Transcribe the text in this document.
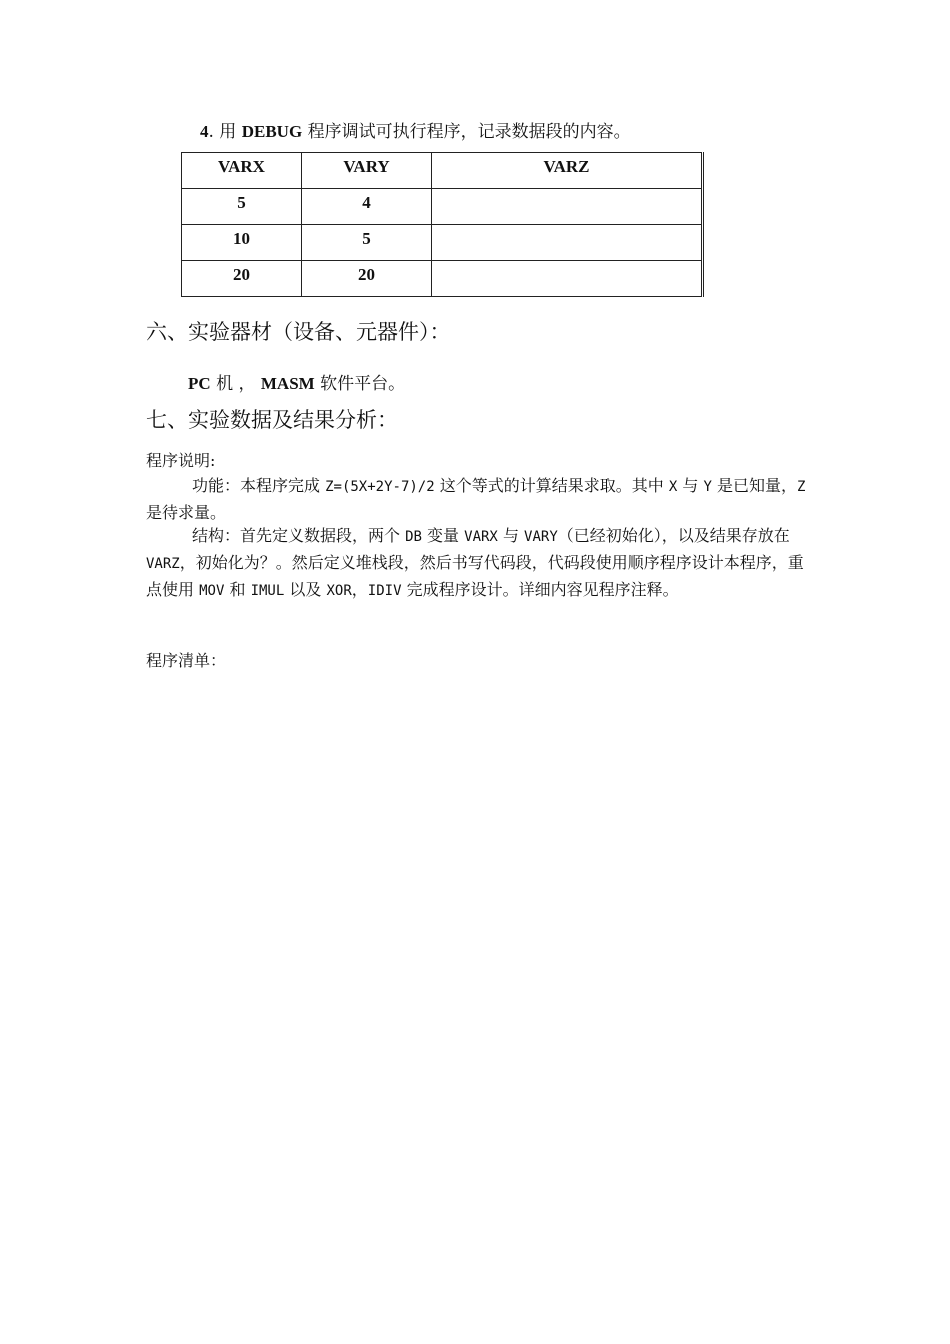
4. 用 DEBUG 程序调试可执行程序，记录数据段的内容。
VARX	VARY	VARZ
5	4	
10	5	
20	20	
六、实验器材（设备、元器件）：
PC 机 ， MASM 软件平台。
七、实验数据及结果分析：
程序说明:
功能：本程序完成 Z=(5X+2Y-7)/2 这个等式的计算结果求取。其中 X 与 Y 是已知量，Z 是待求量。
结构：首先定义数据段，两个 DB 变量 VARX 与 VARY（已经初始化），以及结果存放在 VARZ，初始化为？。然后定义堆栈段，然后书写代码段，代码段使用顺序程序设计本程序，重点使用 MOV 和 IMUL 以及 XOR，IDIV 完成程序设计。详细内容见程序注释。
程序清单：
